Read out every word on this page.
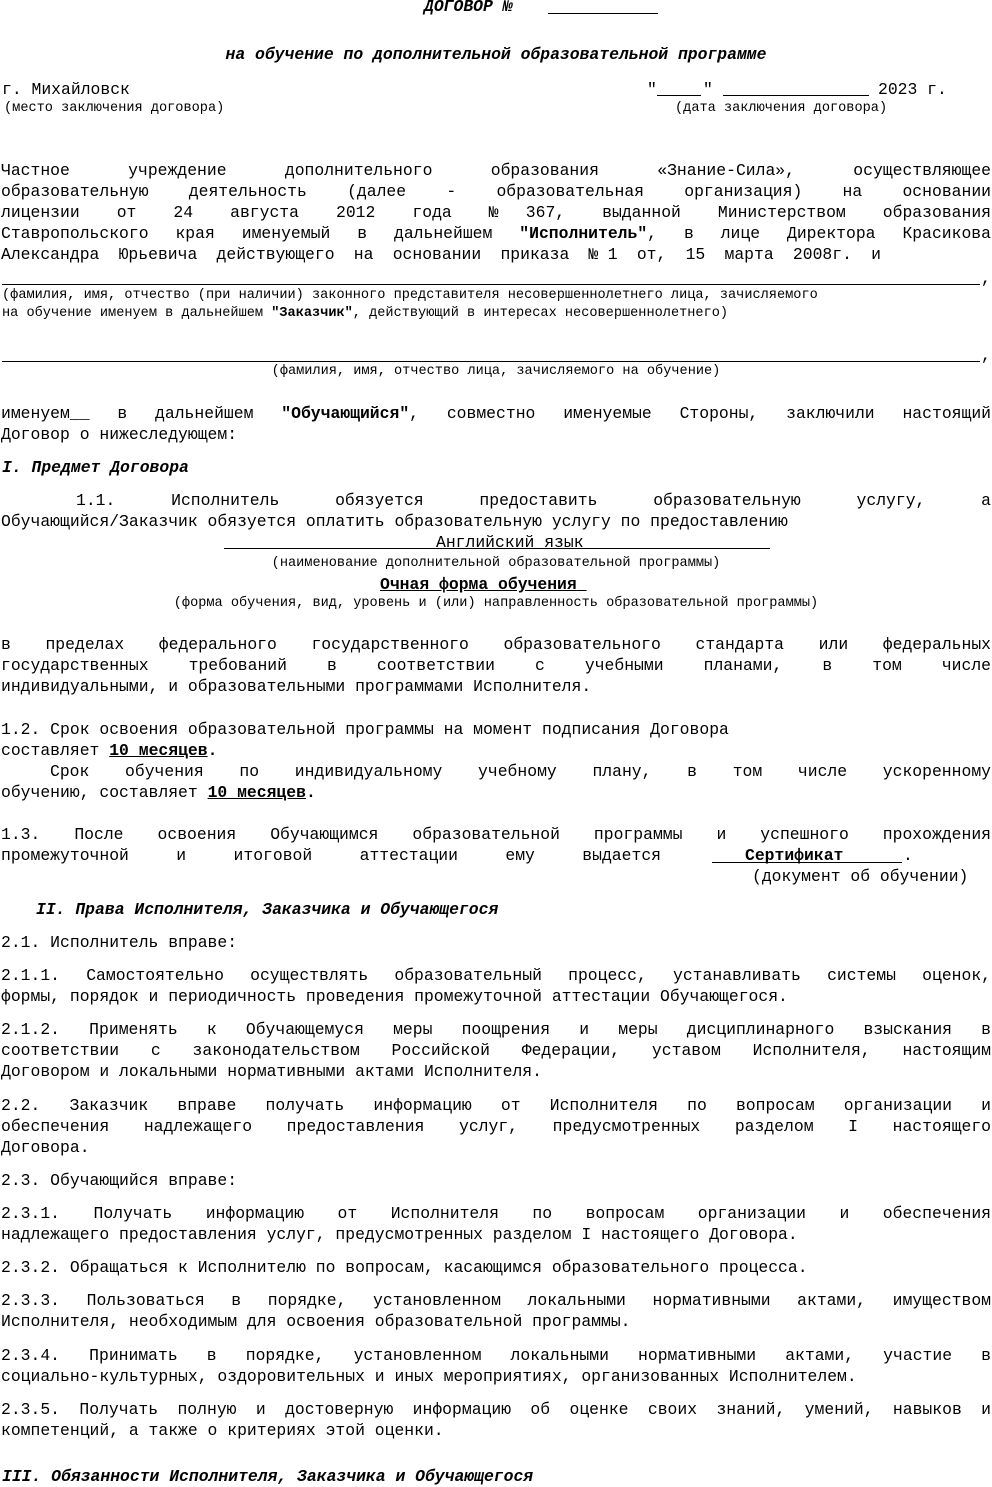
ДОГОВОР №
на обучение по дополнительной образовательной программе
г. Михайловск
(место заключения договора)
"	"	2023 г.
(дата заключения договора)
Частное учреждение дополнительного образования «Знание-Сила», осуществляющее
образовательную деятельность (далее - образовательная организация) на основании
лицензии от 24 августа 2012 года №367, выданной Министерством образования
Ставропольского края именуемый в дальнейшем "Исполнитель", в лице Директора Красикова
Александра Юрьевича действующего на основании приказа №1 от, 15 марта 2008г. и
,
(фамилия, имя, отчество (при наличии) законного представителя несовершеннолетнего лица, зачисляемого
на обучение именуем в дальнейшем "Заказчик", действующий в интересах несовершеннолетнего)
,
(фамилия, имя, отчество лица, зачисляемого на обучение)
именуем__ в дальнейшем "Обучающийся", совместно именуемые Стороны, заключили настоящий
Договор о нижеследующем:
I. Предмет Договора
1.1. Исполнитель обязуется предоставить образовательную услугу, а
Обучающийся/Заказчик обязуется оплатить образовательную услугу по предоставлению
Английский язык
(наименование дополнительной образовательной программы)
Очная форма обучения
(форма обучения, вид, уровень и (или) направленность образовательной программы)
в пределах федерального государственного образовательного стандарта или федеральных
государственных требований в соответствии с учебными планами, в том числе
индивидуальными, и образовательными программами Исполнителя.
1.2. Срок освоения образовательной программы на момент подписания Договора
составляет 10 месяцев.
Срок обучения по индивидуальному учебному плану, в том числе ускоренному
обучению, составляет 10 месяцев.
1.3. После освоения Обучающимся образовательной программы и успешного прохождения
промежуточной и итоговой аттестации ему выдается	Сертификат	.
(документ об обучении)
II. Права Исполнителя, Заказчика и Обучающегося
2.1. Исполнитель вправе:
2.1.1. Самостоятельно осуществлять образовательный процесс, устанавливать системы оценок,
формы, порядок и периодичность проведения промежуточной аттестации Обучающегося.
2.1.2. Применять к Обучающемуся меры поощрения и меры дисциплинарного взыскания в
соответствии с законодательством Российской Федерации, уставом Исполнителя, настоящим
Договором и локальными нормативными актами Исполнителя.
2.2. Заказчик вправе получать информацию от Исполнителя по вопросам организации и
обеспечения надлежащего предоставления услуг, предусмотренных разделом I настоящего
Договора.
2.3. Обучающийся вправе:
2.3.1. Получать информацию от Исполнителя по вопросам организации и обеспечения
надлежащего предоставления услуг, предусмотренных разделом I настоящего Договора.
2.3.2. Обращаться к Исполнителю по вопросам, касающимся образовательного процесса.
2.3.3. Пользоваться в порядке, установленном локальными нормативными актами, имуществом
Исполнителя, необходимым для освоения образовательной программы.
2.3.4. Принимать в порядке, установленном локальными нормативными актами, участие в
социально-культурных, оздоровительных и иных мероприятиях, организованных Исполнителем.
2.3.5. Получать полную и достоверную информацию об оценке своих знаний, умений, навыков и
компетенций, а также о критериях этой оценки.
III. Обязанности Исполнителя, Заказчика и Обучающегося
